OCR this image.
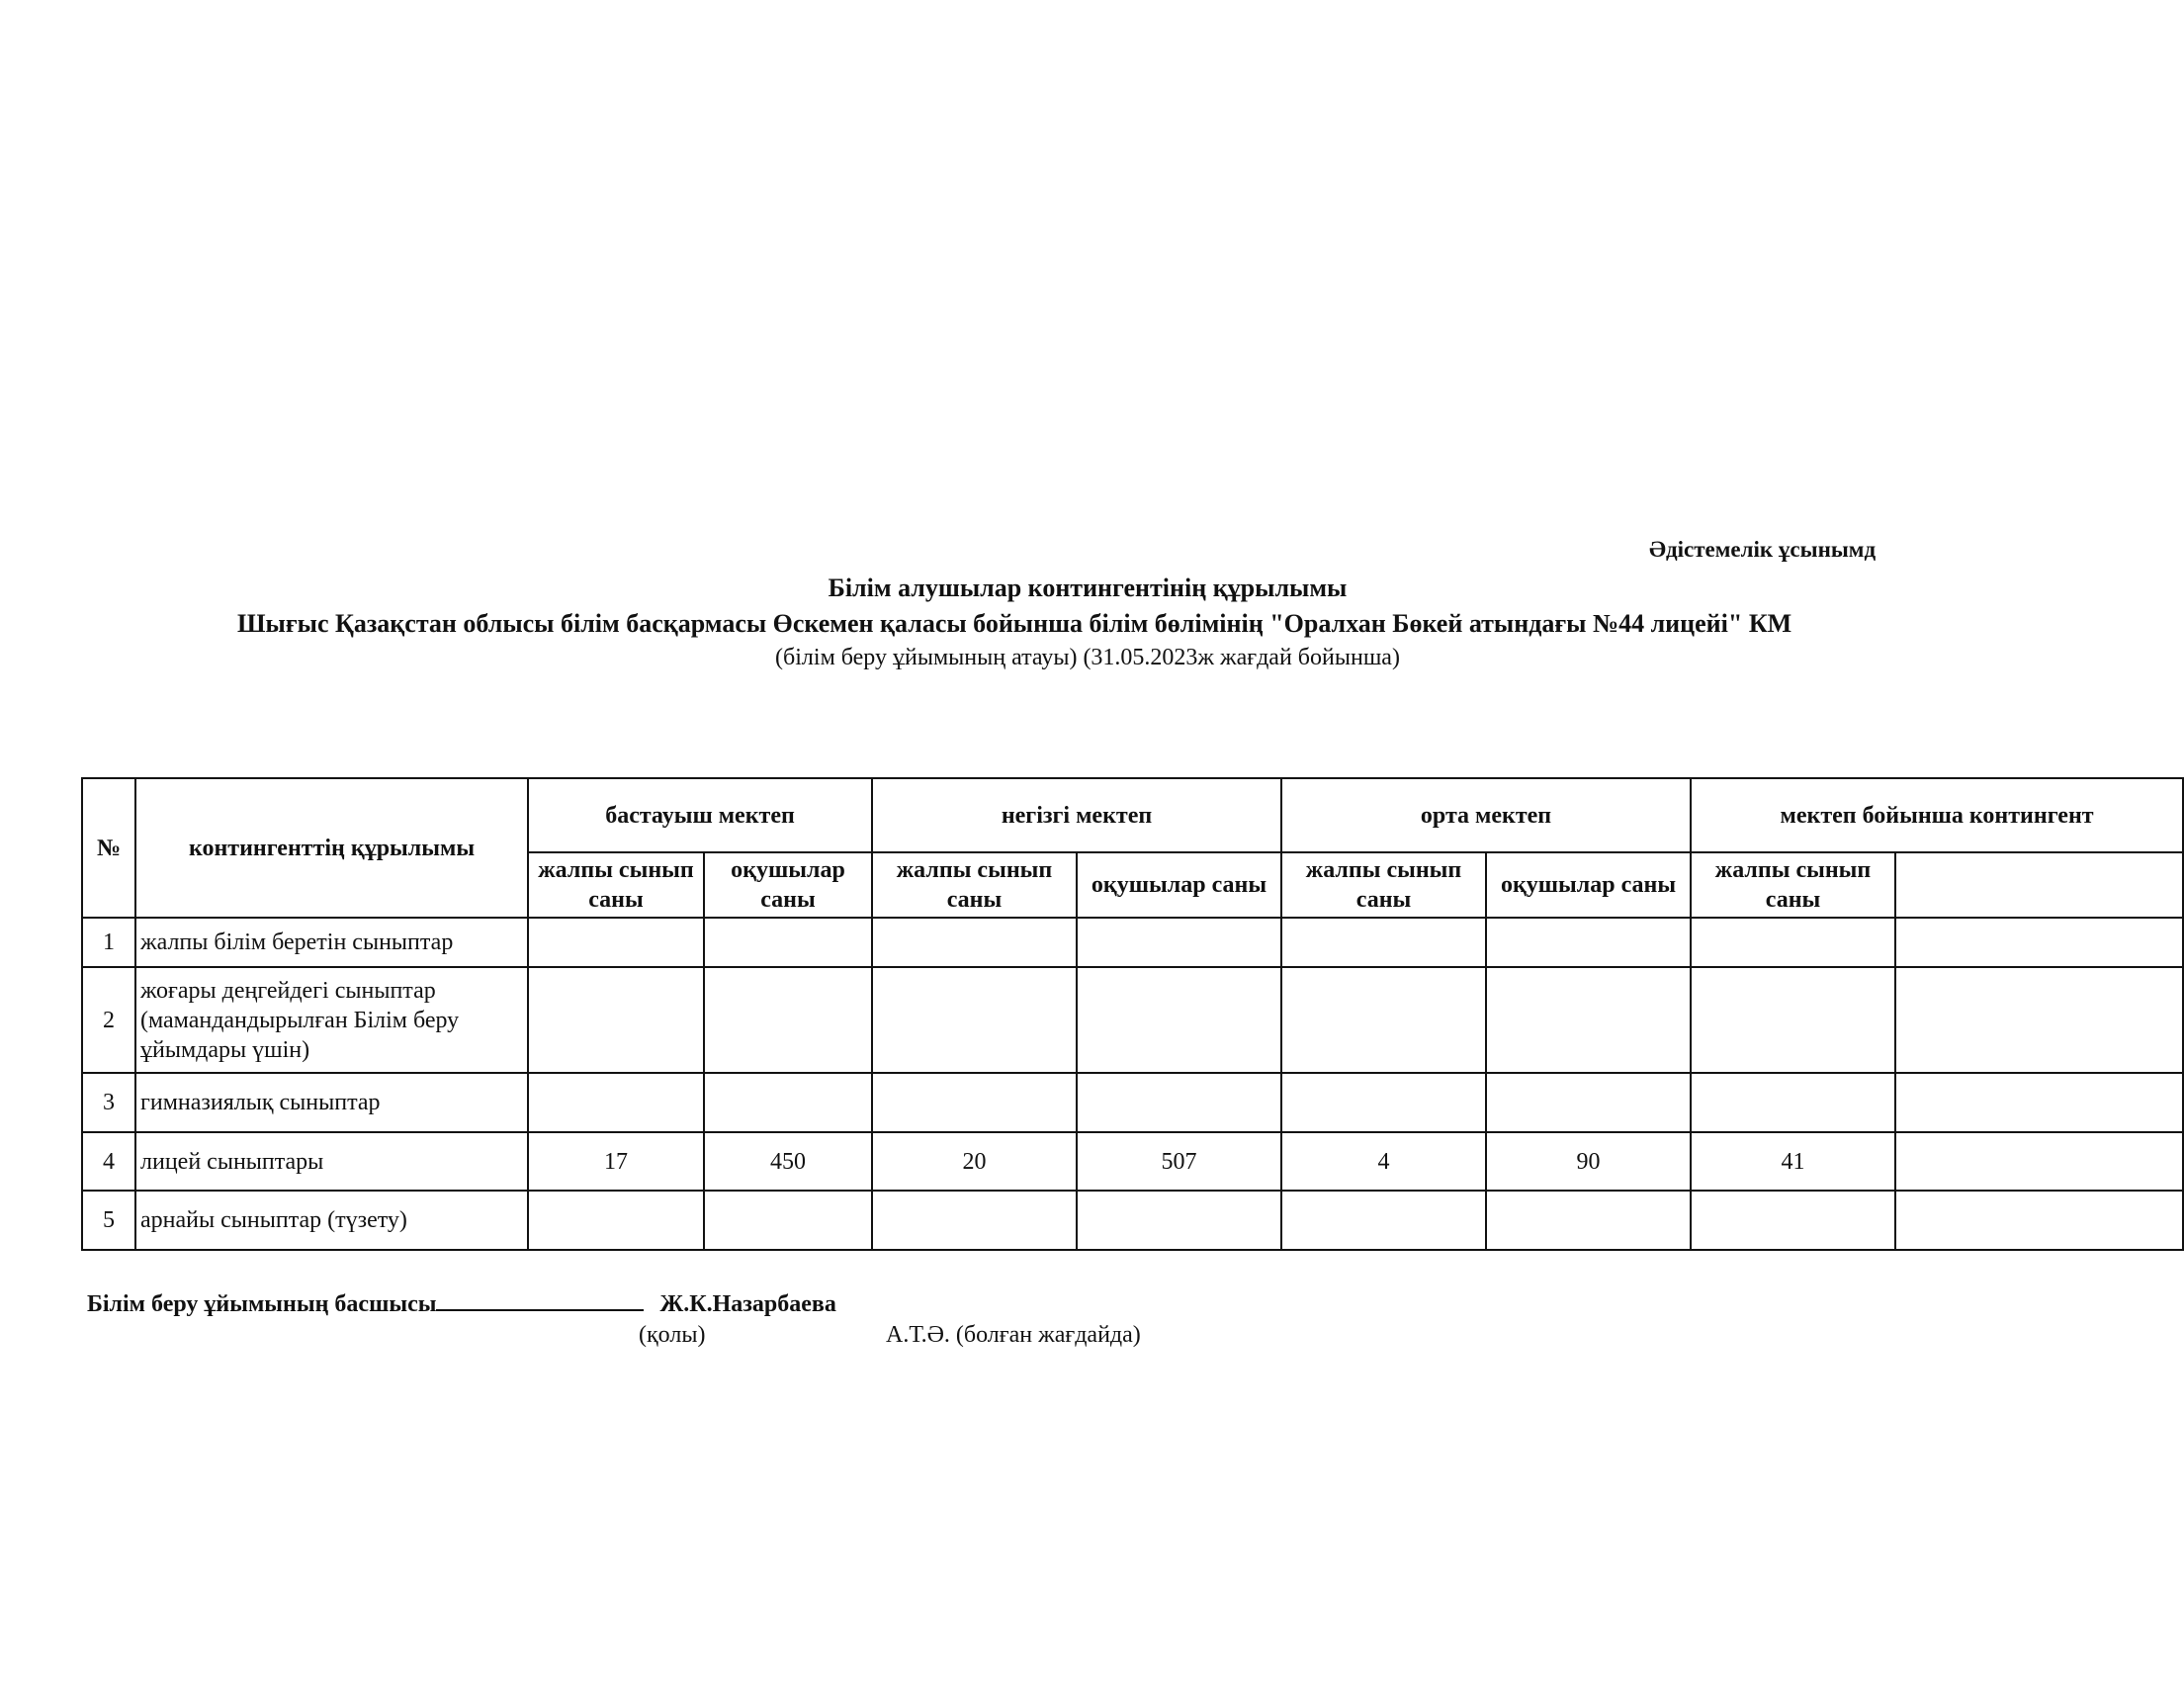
Әдістемелік ұсынымд
Білім алушылар контингентінің құрылымы
Шығыс Қазақстан облысы білім басқармасы Өскемен қаласы бойынша білім бөлімінің "Оралхан Бөкей атындағы №44 лицейі" КМ
(білім беру ұйымының атауы) (31.05.2023ж жағдай бойынша)
№	контингенттің құрылымы	бастауыш мектеп		негізгі мектеп		орта мектеп		мектеп бойынша контингент	
		жалпы сынып саны	оқушылар саны	жалпы сынып саны	оқушылар саны	жалпы сынып саны	оқушылар саны	жалпы сынып саны	
1	жалпы білім беретін сыныптар								
2	жоғары деңгейдегі сыныптар (мамандандырылған Білім беру ұйымдары үшін)								
3	гимназиялық сыныптар								
4	лицей сыныптары	17	450	20	507	4	90	41	
5	арнайы сыныптар (түзету)								
Білім беру ұйымының басшысы	Ж.К.Назарбаева
(қолы)	А.Т.Ә. (болған жағдайда)
